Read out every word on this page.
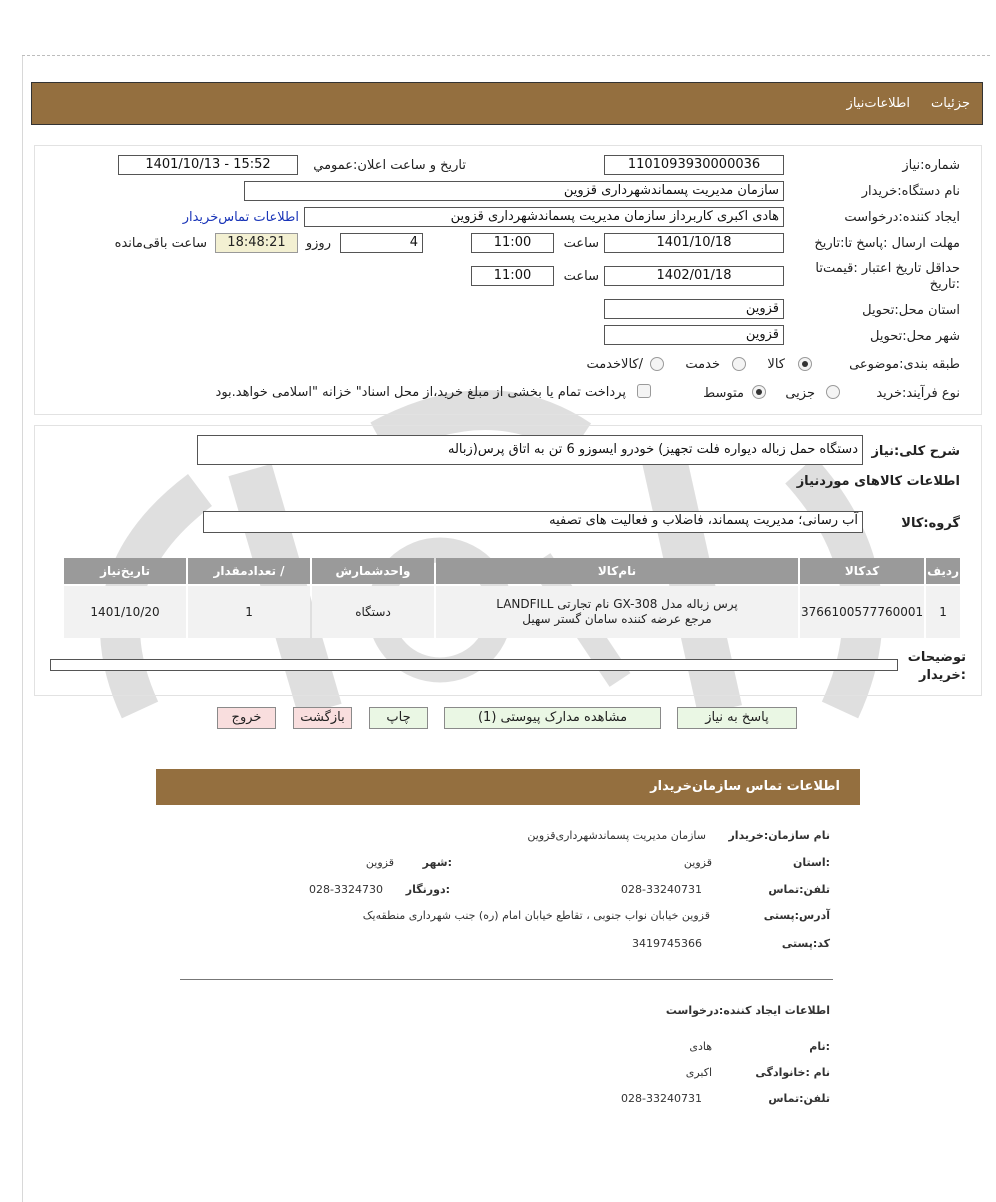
جزئیات
اطلاعات‌نیاز
شماره:نیاز
1101093930000036
تاریخ و ساعت اعلان:عمومي
1401/10/13 - 15:52
نام دستگاه:خریدار
سازمان مدیریت پسماندشهرداری قزوین
ایجاد کننده:درخواست
هادی اکبری کاربرداز سازمان مدیریت پسماندشهرداری قزوین
اطلاعات تماس‌خریدار
مهلت ارسال :پاسخ تا:تاریخ
1401/10/18
ساعت
11:00
4
روزو
18:48:21
ساعت باقی‌مانده
حداقل تاریخ اعتبار :قیمت‌تا
:تاریخ
1402/01/18
ساعت
11:00
استان محل:تحویل
قزوین
شهر محل:تحویل
قزوین
طبقه بندی:موضوعی
کالا
خدمت
/کالاخدمت
نوع فرآیند:
خرید
جزیی
متوسط
پرداخت تمام یا بخشی از مبلغ خرید،از محل اسناد" خزانه "اسلامی خواهد.بود
شرح کلی:نیاز
دستگاه حمل زباله دیواره فلت تجهیز) خودرو ایسوزو 6 تن به اتاق پرس(زباله
اطلاعات کالاهای موردنیاز
گروه:کالا
آب رسانی؛ مدیریت پسماند، فاضلاب و فعالیت های تصفیه
ردیف	کدکالا	نام‌کالا	واحدشمارش	/ تعدادمقدار	تاریخ‌نیاز
1	3766100577760001	پرس زباله مدل GX-308 نام تجارتی LANDFILL مرجع عرضه کننده سامان گستر سهیل	دستگاه	1	1401/10/20
توضیحات
:خریدار
پاسخ به نیاز
مشاهده مدارک پیوستی (1)
چاپ
بازگشت
خروج
اطلاعات تماس سازمان‌خریدار
نام سازمان:خریدار
سازمان مدیریت پسماندشهرداری‌قزوین
:استان
قزوین
:شهر
قزوین
تلفن:تماس
028-33240731
:دورنگار
028-3324730
آدرس:پستی
قزوین خیابان نواب جنوبی ، تقاطع خیابان امام (ره) جنب شهرداری منطقه‌یک
کد:پستی
3419745366
اطلاعات ایجاد کننده:درخواست
:نام
هادی
نام :خانوادگی
اکبری
تلفن:تماس
028-33240731
